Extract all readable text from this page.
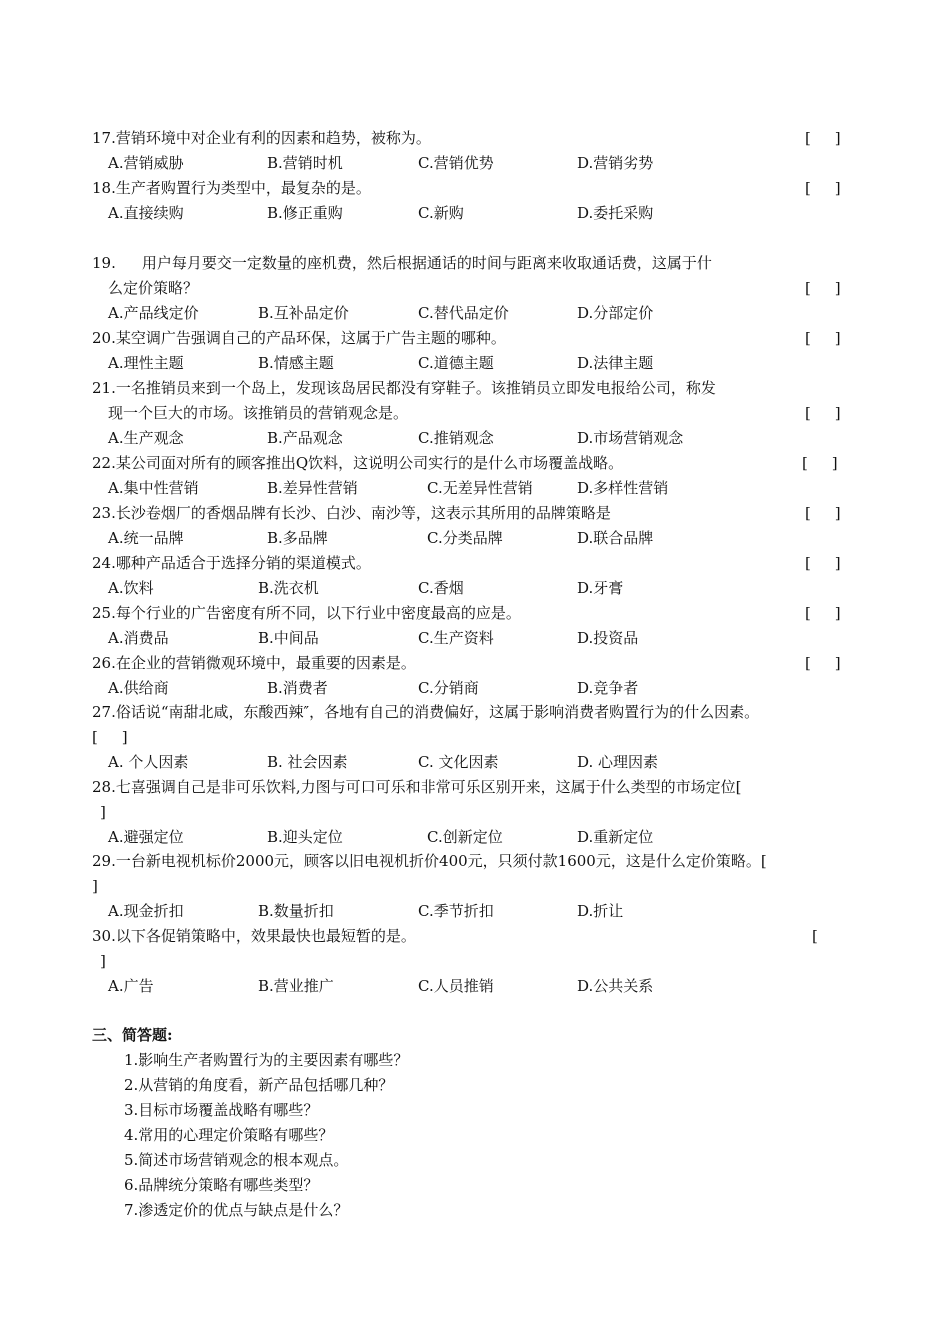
17.营销环境中对企业有利的因素和趋势，被称为。	[     ]
A.营销威胁	B.营销时机	C.营销优势	D.营销劣势
18.生产者购置行为类型中，最复杂的是。	[     ]
A.直接续购	B.修正重购	C.新购	D.委托采购
19. 用户每月要交一定数量的座机费，然后根据通话的时间与距离来收取通话费，这属于什
么定价策略？	[     ]
A.产品线定价	B.互补品定价	C.替代品定价	D.分部定价
20.某空调广告强调自己的产品环保，这属于广告主题的哪种。	[     ]
A.理性主题	B.情感主题	C.道德主题	D.法律主题
21.一名推销员来到一个岛上，发现该岛居民都没有穿鞋子。该推销员立即发电报给公司，称发
现一个巨大的市场。该推销员的营销观念是。	[     ]
A.生产观念	B.产品观念	C.推销观念	D.市场营销观念
22.某公司面对所有的顾客推出Q饮料，这说明公司实行的是什么市场覆盖战略。	[     ]
A.集中性营销	B.差异性营销	C.无差异性营销	D.多样性营销
23.长沙卷烟厂的香烟品牌有长沙、白沙、南沙等，这表示其所用的品牌策略是	[     ]
A.统一品牌	B.多品牌	C.分类品牌	D.联合品牌
24.哪种产品适合于选择分销的渠道模式。	[     ]
A.饮料	B.洗衣机	C.香烟	D.牙膏
25.每个行业的广告密度有所不同，以下行业中密度最高的应是。	[     ]
A.消费品	B.中间品	C.生产资料	D.投资品
26.在企业的营销微观环境中，最重要的因素是。	[     ]
A.供给商	B.消费者	C.分销商	D.竞争者
27.俗话说“南甜北咸，东酸西辣″，各地有自己的消费偏好，这属于影响消费者购置行为的什么因素。
[     ]
A. 个人因素	B. 社会因素	C. 文化因素	D. 心理因素
28.七喜强调自己是非可乐饮料,力图与可口可乐和非常可乐区别开来，这属于什么类型的市场定位[
]
A.避强定位	B.迎头定位	C.创新定位	D.重新定位
29.一台新电视机标价2000元，顾客以旧电视机折价400元，只须付款1600元，这是什么定价策略。[
]
A.现金折扣	B.数量折扣	C.季节折扣	D.折让
30.以下各促销策略中，效果最快也最短暂的是。	[
]
A.广告	B.营业推广	C.人员推销	D.公共关系
三、简答题:
1.影响生产者购置行为的主要因素有哪些？
2.从营销的角度看，新产品包括哪几种？
3.目标市场覆盖战略有哪些？
4.常用的心理定价策略有哪些？
5.简述市场营销观念的根本观点。
6.品牌统分策略有哪些类型？
7.渗透定价的优点与缺点是什么？
